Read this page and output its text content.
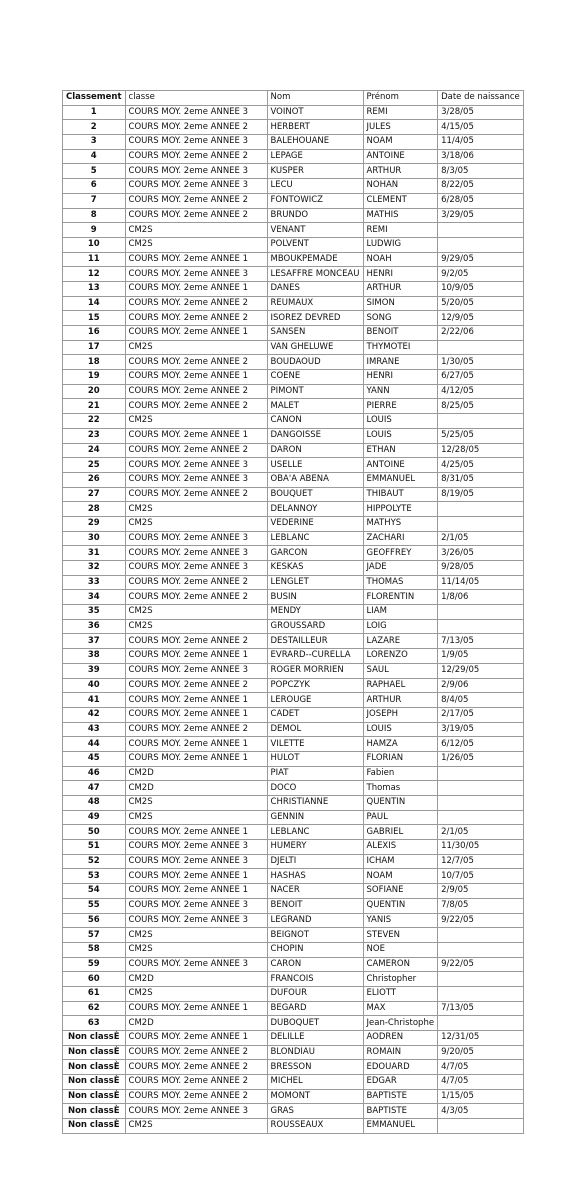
Classement	classe	Nom	Prénom	Date de naissance
1	COURS MOY. 2eme ANNEE 3	VOINOT	REMI	3/28/05
2	COURS MOY. 2eme ANNEE 2	HERBERT	JULES	4/15/05
3	COURS MOY. 2eme ANNEE 3	BALEHOUANE	NOAM	11/4/05
4	COURS MOY. 2eme ANNEE 2	LEPAGE	ANTOINE	3/18/06
5	COURS MOY. 2eme ANNEE 3	KUSPER	ARTHUR	8/3/05
6	COURS MOY. 2eme ANNEE 3	LECU	NOHAN	8/22/05
7	COURS MOY. 2eme ANNEE 2	FONTOWICZ	CLEMENT	6/28/05
8	COURS MOY. 2eme ANNEE 2	BRUNDO	MATHIS	3/29/05
9	CM2S	VENANT	REMI	
10	CM2S	POLVENT	LUDWIG	
11	COURS MOY. 2eme ANNEE 1	MBOUKPEMADE	NOAH	9/29/05
12	COURS MOY. 2eme ANNEE 3	LESAFFRE MONCEAU	HENRI	9/2/05
13	COURS MOY. 2eme ANNEE 1	DANES	ARTHUR	10/9/05
14	COURS MOY. 2eme ANNEE 2	REUMAUX	SIMON	5/20/05
15	COURS MOY. 2eme ANNEE 2	ISOREZ DEVRED	SONG	12/9/05
16	COURS MOY. 2eme ANNEE 1	SANSEN	BENOIT	2/22/06
17	CM2S	VAN GHELUWE	THYMOTEI	
18	COURS MOY. 2eme ANNEE 2	BOUDAOUD	IMRANE	1/30/05
19	COURS MOY. 2eme ANNEE 1	COENE	HENRI	6/27/05
20	COURS MOY. 2eme ANNEE 2	PIMONT	YANN	4/12/05
21	COURS MOY. 2eme ANNEE 2	MALET	PIERRE	8/25/05
22	CM2S	CANON	LOUIS	
23	COURS MOY. 2eme ANNEE 1	DANGOISSE	LOUIS	5/25/05
24	COURS MOY. 2eme ANNEE 2	DARON	ETHAN	12/28/05
25	COURS MOY. 2eme ANNEE 3	USELLE	ANTOINE	4/25/05
26	COURS MOY. 2eme ANNEE 3	OBA'A ABENA	EMMANUEL	8/31/05
27	COURS MOY. 2eme ANNEE 2	BOUQUET	THIBAUT	8/19/05
28	CM2S	DELANNOY	HIPPOLYTE	
29	CM2S	VEDERINE	MATHYS	
30	COURS MOY. 2eme ANNEE 3	LEBLANC	ZACHARI	2/1/05
31	COURS MOY. 2eme ANNEE 3	GARCON	GEOFFREY	3/26/05
32	COURS MOY. 2eme ANNEE 3	KESKAS	JADE	9/28/05
33	COURS MOY. 2eme ANNEE 2	LENGLET	THOMAS	11/14/05
34	COURS MOY. 2eme ANNEE 2	BUSIN	FLORENTIN	1/8/06
35	CM2S	MENDY	LIAM	
36	CM2S	GROUSSARD	LOIG	
37	COURS MOY. 2eme ANNEE 2	DESTAILLEUR	LAZARE	7/13/05
38	COURS MOY. 2eme ANNEE 1	EVRARD--CURELLA	LORENZO	1/9/05
39	COURS MOY. 2eme ANNEE 3	ROGER MORRIEN	SAUL	12/29/05
40	COURS MOY. 2eme ANNEE 2	POPCZYK	RAPHAEL	2/9/06
41	COURS MOY. 2eme ANNEE 1	LEROUGE	ARTHUR	8/4/05
42	COURS MOY. 2eme ANNEE 1	CADET	JOSEPH	2/17/05
43	COURS MOY. 2eme ANNEE 2	DEMOL	LOUIS	3/19/05
44	COURS MOY. 2eme ANNEE 1	VILETTE	HAMZA	6/12/05
45	COURS MOY. 2eme ANNEE 1	HULOT	FLORIAN	1/26/05
46	CM2D	PIAT	Fabien	
47	CM2D	DOCO	Thomas	
48	CM2S	CHRISTIANNE	QUENTIN	
49	CM2S	GENNIN	PAUL	
50	COURS MOY. 2eme ANNEE 1	LEBLANC	GABRIEL	2/1/05
51	COURS MOY. 2eme ANNEE 3	HUMERY	ALEXIS	11/30/05
52	COURS MOY. 2eme ANNEE 3	DJELTI	ICHAM	12/7/05
53	COURS MOY. 2eme ANNEE 1	HASHAS	NOAM	10/7/05
54	COURS MOY. 2eme ANNEE 1	NACER	SOFIANE	2/9/05
55	COURS MOY. 2eme ANNEE 3	BENOIT	QUENTIN	7/8/05
56	COURS MOY. 2eme ANNEE 3	LEGRAND	YANIS	9/22/05
57	CM2S	BEIGNOT	STEVEN	
58	CM2S	CHOPIN	NOE	
59	COURS MOY. 2eme ANNEE 3	CARON	CAMERON	9/22/05
60	CM2D	FRANCOIS	Christopher	
61	CM2S	DUFOUR	ELIOTT	
62	COURS MOY. 2eme ANNEE 1	BEGARD	MAX	7/13/05
63	CM2D	DUBOQUET	Jean-Christophe	
Non classÈ	COURS MOY. 2eme ANNEE 1	DELILLE	AODREN	12/31/05
Non classÈ	COURS MOY. 2eme ANNEE 2	BLONDIAU	ROMAIN	9/20/05
Non classÈ	COURS MOY. 2eme ANNEE 2	BRESSON	EDOUARD	4/7/05
Non classÈ	COURS MOY. 2eme ANNEE 2	MICHEL	EDGAR	4/7/05
Non classÈ	COURS MOY. 2eme ANNEE 2	MOMONT	BAPTISTE	1/15/05
Non classÈ	COURS MOY. 2eme ANNEE 3	GRAS	BAPTISTE	4/3/05
Non classÈ	CM2S	ROUSSEAUX	EMMANUEL	
